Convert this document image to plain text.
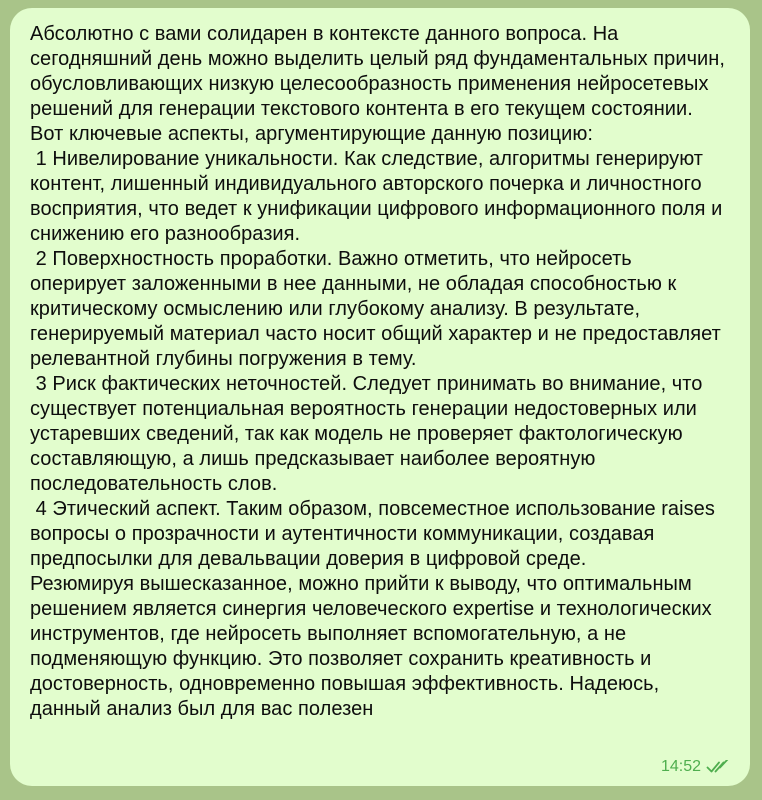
Абсолютно с вами солидарен в контексте данного вопроса. На сегодняшний день можно выделить целый ряд фундаментальных причин, обусловливающих низкую целесообразность применения нейросетевых решений для генерации текстового контента в его текущем состоянии.
Вот ключевые аспекты, аргументирующие данную позицию:
1 Нивелирование уникальности. Как следствие, алгоритмы генерируют контент, лишенный индивидуального авторского почерка и личностного восприятия, что ведет к унификации цифрового информационного поля и снижению его разнообразия.
2 Поверхностность проработки. Важно отметить, что нейросеть оперирует заложенными в нее данными, не обладая способностью к критическому осмыслению или глубокому анализу. В результате, генерируемый материал часто носит общий характер и не предоставляет релевантной глубины погружения в тему.
3 Риск фактических неточностей. Следует принимать во внимание, что существует потенциальная вероятность генерации недостоверных или устаревших сведений, так как модель не проверяет фактологическую составляющую, а лишь предсказывает наиболее вероятную последовательность слов.
4 Этический аспект. Таким образом, повсеместное использование raises вопросы о прозрачности и аутентичности коммуникации, создавая предпосылки для девальвации доверия в цифровой среде.
Резюмируя вышесказанное, можно прийти к выводу, что оптимальным решением является синергия человеческого expertise и технологических инструментов, где нейросеть выполняет вспомогательную, а не подменяющую функцию. Это позволяет сохранить креативность и достоверность, одновременно повышая эффективность. Надеюсь, данный анализ был для вас полезен
14:52
